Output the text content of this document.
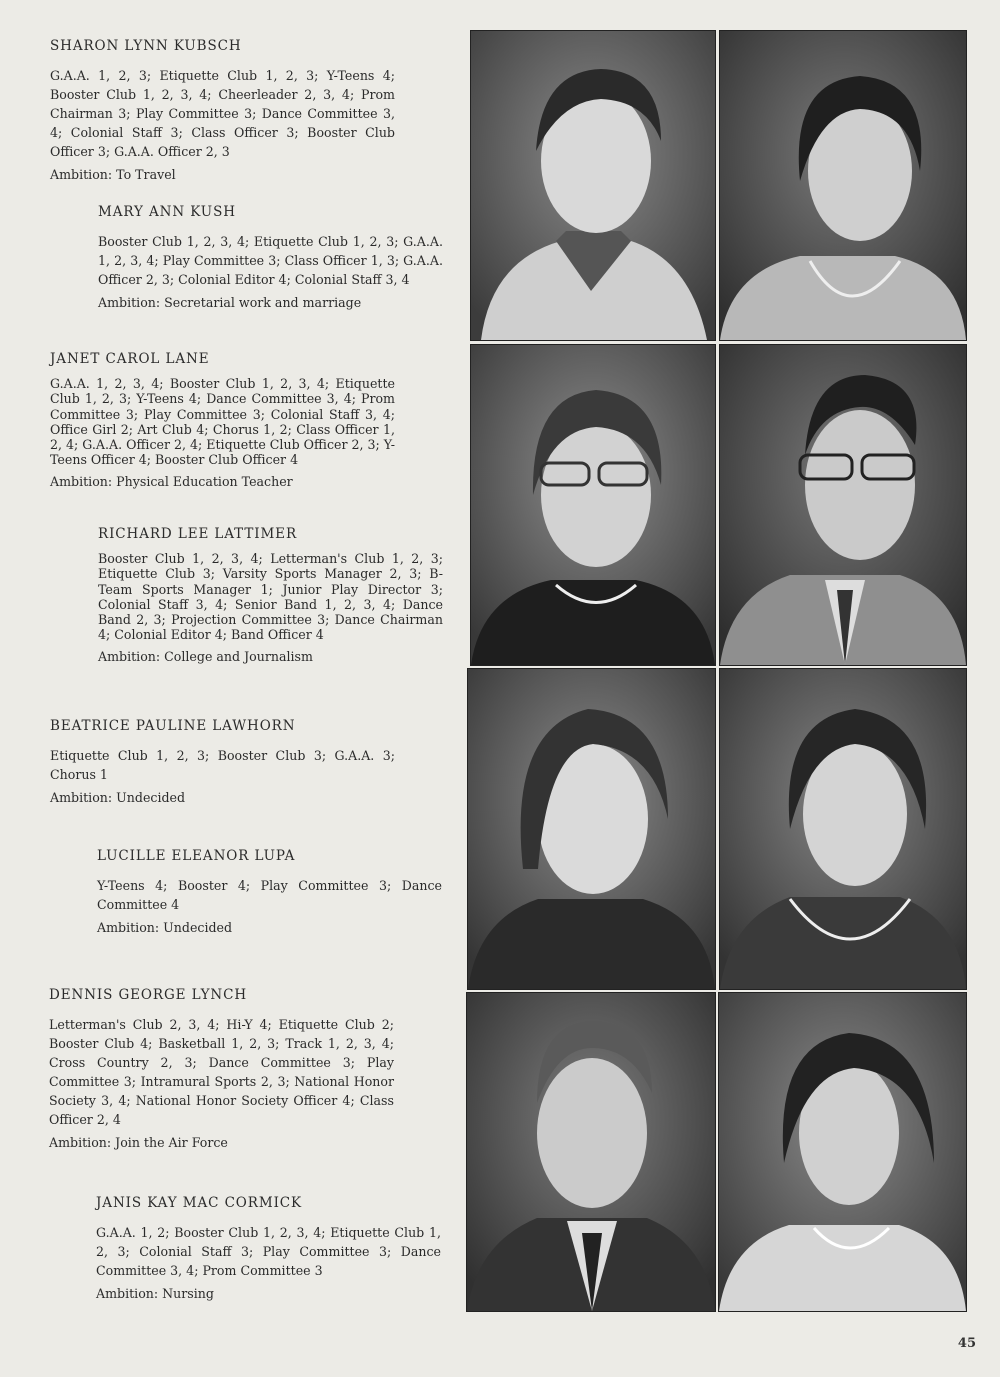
SHARON LYNN KUBSCH
G.A.A. 1, 2, 3; Etiquette Club 1, 2, 3; Y-Teens 4; Booster Club 1, 2, 3, 4; Cheerleader 2, 3, 4; Prom Chairman 3; Play Committee 3; Dance Committee 3, 4; Colonial Staff 3; Class Officer 3; Booster Club Officer 3; G.A.A. Officer 2, 3
Ambition: To Travel
MARY ANN KUSH
Booster Club 1, 2, 3, 4; Etiquette Club 1, 2, 3; G.A.A. 1, 2, 3, 4; Play Committee 3; Class Officer 1, 3; G.A.A. Officer 2, 3; Colonial Editor 4; Colonial Staff 3, 4
Ambition: Secretarial work and marriage
JANET CAROL LANE
G.A.A. 1, 2, 3, 4; Booster Club 1, 2, 3, 4; Etiquette Club 1, 2, 3; Y-Teens 4; Dance Committee 3, 4; Prom Committee 3; Play Committee 3; Colonial Staff 3, 4; Office Girl 2; Art Club 4; Chorus 1, 2; Class Officer 1, 2, 4; G.A.A. Officer 2, 4; Etiquette Club Officer 2, 3; Y-Teens Officer 4; Booster Club Officer 4
Ambition: Physical Education Teacher
RICHARD LEE LATTIMER
Booster Club 1, 2, 3, 4; Letterman's Club 1, 2, 3; Etiquette Club 3; Varsity Sports Manager 2, 3; B-Team Sports Manager 1; Junior Play Director 3; Colonial Staff 3, 4; Senior Band 1, 2, 3, 4; Dance Band 2, 3; Projection Committee 3; Dance Chairman 4; Colonial Editor 4; Band Officer 4
Ambition: College and Journalism
BEATRICE PAULINE LAWHORN
Etiquette Club 1, 2, 3; Booster Club 3; G.A.A. 3; Chorus 1
Ambition: Undecided
LUCILLE ELEANOR LUPA
Y-Teens 4; Booster 4; Play Committee 3; Dance Committee 4
Ambition: Undecided
DENNIS GEORGE LYNCH
Letterman's Club 2, 3, 4; Hi-Y 4; Etiquette Club 2; Booster Club 4; Basketball 1, 2, 3; Track 1, 2, 3, 4; Cross Country 2, 3; Dance Committee 3; Play Committee 3; Intramural Sports 2, 3; National Honor Society 3, 4; National Honor Society Officer 4; Class Officer 2, 4
Ambition: Join the Air Force
JANIS KAY MAC CORMICK
G.A.A. 1, 2; Booster Club 1, 2, 3, 4; Etiquette Club 1, 2, 3; Colonial Staff 3; Play Committee 3; Dance Committee 3, 4; Prom Committee 3
Ambition: Nursing
45
